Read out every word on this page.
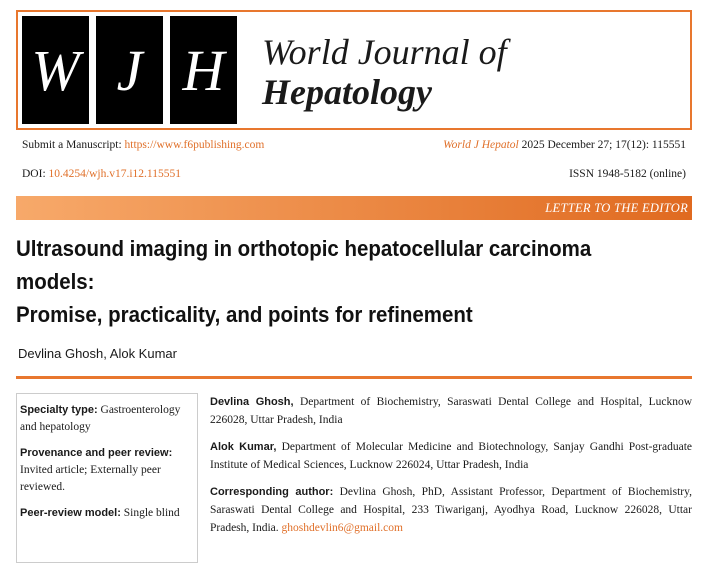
W J H	World Journal of
Hepatology
Submit a Manuscript: https://www.f6publishing.com	World J Hepatol 2025 December 27; 17(12): 115551
DOI: 10.4254/wjh.v17.i12.115551	ISSN 1948-5182 (online)
LETTER TO THE EDITOR
Ultrasound imaging in orthotopic hepatocellular carcinoma models:
Promise, practicality, and points for refinement
Devlina Ghosh, Alok Kumar

Specialty type: Gastroenterology and hepatology

Provenance and peer review:
Invited article; Externally peer reviewed.

Peer-review model: Single blind

Devlina Ghosh, Department of Biochemistry, Saraswati Dental College and Hospital, Lucknow 226028, Uttar Pradesh, India

Alok Kumar, Department of Molecular Medicine and Biotechnology, Sanjay Gandhi Post-graduate Institute of Medical Sciences, Lucknow 226024, Uttar Pradesh, India

Corresponding author: Devlina Ghosh, PhD, Assistant Professor, Department of Biochemistry, Saraswati Dental College and Hospital, 233 Tiwariganj, Ayodhya Road, Lucknow 226028, Uttar Pradesh, India. ghoshdevlin6@gmail.com
